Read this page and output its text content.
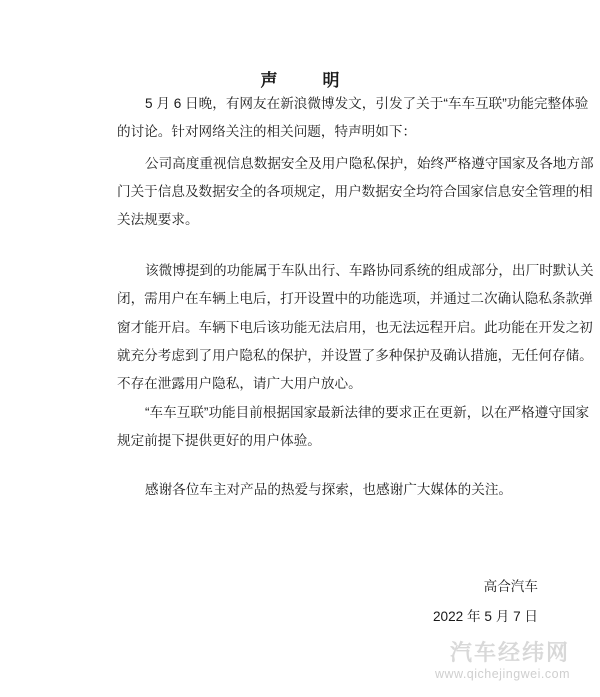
声　明
5 月 6 日晚，有网友在新浪微博发文，引发了关于“车车互联”功能完整体验
的讨论。针对网络关注的相关问题，特声明如下：
公司高度重视信息数据安全及用户隐私保护，始终严格遵守国家及各地方部
门关于信息及数据安全的各项规定，用户数据安全均符合国家信息安全管理的相
关法规要求。
该微博提到的功能属于车队出行、车路协同系统的组成部分，出厂时默认关
闭，需用户在车辆上电后，打开设置中的功能选项，并通过二次确认隐私条款弹
窗才能开启。车辆下电后该功能无法启用，也无法远程开启。此功能在开发之初
就充分考虑到了用户隐私的保护，并设置了多种保护及确认措施，无任何存储。
不存在泄露用户隐私，请广大用户放心。
“车车互联”功能目前根据国家最新法律的要求正在更新，以在严格遵守国家
规定前提下提供更好的用户体验。
感谢各位车主对产品的热爱与探索，也感谢广大媒体的关注。
高合汽车
2022 年 5 月 7 日
汽车经纬网
www.qichejingwei.com
